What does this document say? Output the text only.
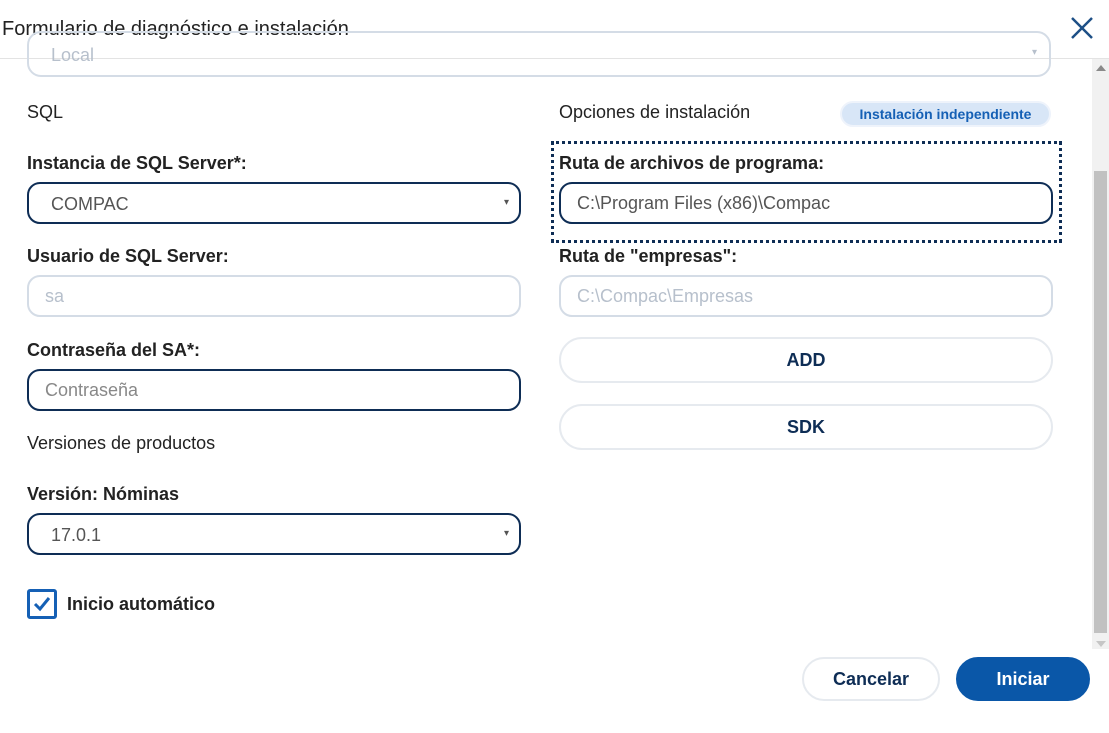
Formulario de diagnóstico e instalación
Local	▾
SQL
Instancia de SQL Server*:
COMPAC	▾
Usuario de SQL Server:
sa
Contraseña del SA*:
Versiones de productos
Versión: Nóminas
17.0.1	▾
Opciones de instalación	Instalación independiente
Ruta de archivos de programa:
C:\Program Files (x86)\Compac
Ruta de "empresas":
C:\Compac\Empresas
ADD
SDK
Inicio automático
Cancelar	Iniciar
